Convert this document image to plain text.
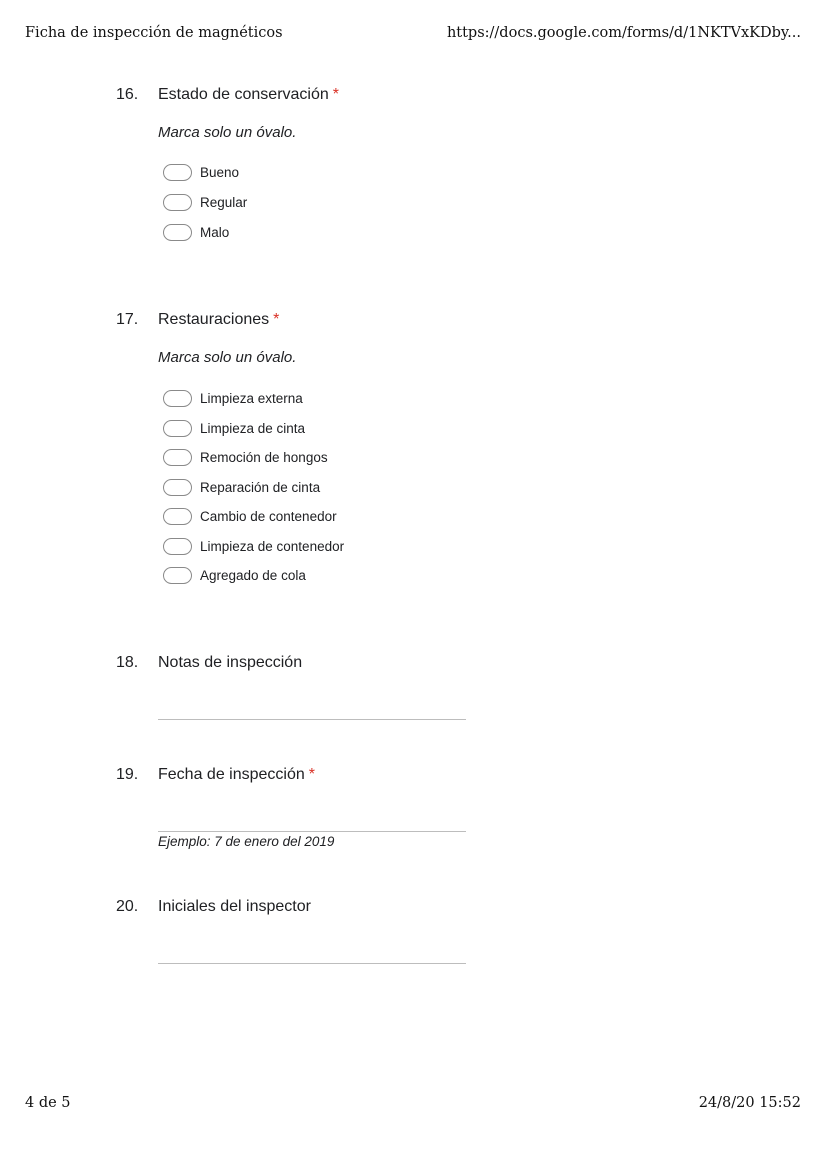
Ficha de inspección de magnéticos	https://docs.google.com/forms/d/1NKTVxKDby...
16. Estado de conservación *
Marca solo un óvalo.
Bueno
Regular
Malo
17. Restauraciones *
Marca solo un óvalo.
Limpieza externa
Limpieza de cinta
Remoción de hongos
Reparación de cinta
Cambio de contenedor
Limpieza de contenedor
Agregado de cola
18. Notas de inspección
19. Fecha de inspección *
Ejemplo: 7 de enero del 2019
20. Iniciales del inspector
4 de 5	24/8/20 15:52
